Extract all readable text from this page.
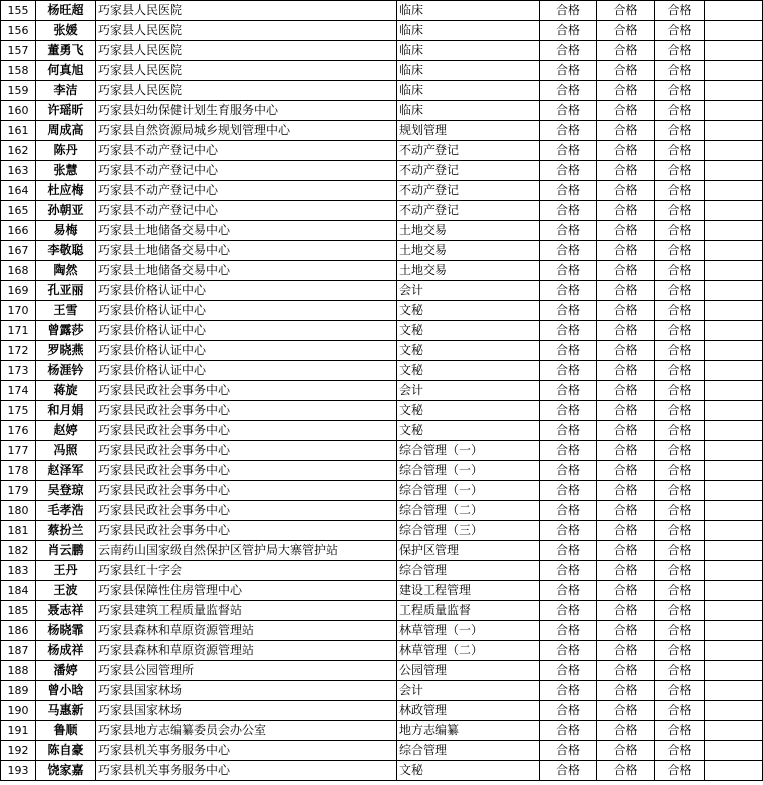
155	杨旺超	巧家县人民医院	临床	合格	合格	合格	
156	张媛	巧家县人民医院	临床	合格	合格	合格	
157	董勇飞	巧家县人民医院	临床	合格	合格	合格	
158	何真旭	巧家县人民医院	临床	合格	合格	合格	
159	李洁	巧家县人民医院	临床	合格	合格	合格	
160	许瑶昕	巧家县妇幼保健计划生育服务中心	临床	合格	合格	合格	
161	周成高	巧家县自然资源局城乡规划管理中心	规划管理	合格	合格	合格	
162	陈丹	巧家县不动产登记中心	不动产登记	合格	合格	合格	
163	张慧	巧家县不动产登记中心	不动产登记	合格	合格	合格	
164	杜应梅	巧家县不动产登记中心	不动产登记	合格	合格	合格	
165	孙朝亚	巧家县不动产登记中心	不动产登记	合格	合格	合格	
166	易梅	巧家县土地储备交易中心	土地交易	合格	合格	合格	
167	李敬聪	巧家县土地储备交易中心	土地交易	合格	合格	合格	
168	陶然	巧家县土地储备交易中心	土地交易	合格	合格	合格	
169	孔亚丽	巧家县价格认证中心	会计	合格	合格	合格	
170	王雪	巧家县价格认证中心	文秘	合格	合格	合格	
171	曾露莎	巧家县价格认证中心	文秘	合格	合格	合格	
172	罗晓燕	巧家县价格认证中心	文秘	合格	合格	合格	
173	杨涯钤	巧家县价格认证中心	文秘	合格	合格	合格	
174	蒋旋	巧家县民政社会事务中心	会计	合格	合格	合格	
175	和月娟	巧家县民政社会事务中心	文秘	合格	合格	合格	
176	赵婷	巧家县民政社会事务中心	文秘	合格	合格	合格	
177	冯照	巧家县民政社会事务中心	综合管理（一）	合格	合格	合格	
178	赵泽军	巧家县民政社会事务中心	综合管理（一）	合格	合格	合格	
179	吴登琼	巧家县民政社会事务中心	综合管理（一）	合格	合格	合格	
180	毛孝浩	巧家县民政社会事务中心	综合管理（二）	合格	合格	合格	
181	蔡扮兰	巧家县民政社会事务中心	综合管理（三）	合格	合格	合格	
182	肖云鹏	云南药山国家级自然保护区管护局大寨管护站	保护区管理	合格	合格	合格	
183	王丹	巧家县红十字会	综合管理	合格	合格	合格	
184	王波	巧家县保障性住房管理中心	建设工程管理	合格	合格	合格	
185	聂志祥	巧家县建筑工程质量监督站	工程质量监督	合格	合格	合格	
186	杨晓霏	巧家县森林和草原资源管理站	林草管理（一）	合格	合格	合格	
187	杨成祥	巧家县森林和草原资源管理站	林草管理（二）	合格	合格	合格	
188	潘婷	巧家县公园管理所	公园管理	合格	合格	合格	
189	曾小晗	巧家县国家林场	会计	合格	合格	合格	
190	马惠新	巧家县国家林场	林政管理	合格	合格	合格	
191	鲁顺	巧家县地方志编纂委员会办公室	地方志编纂	合格	合格	合格	
192	陈自豪	巧家县机关事务服务中心	综合管理	合格	合格	合格	
193	饶家嘉	巧家县机关事务服务中心	文秘	合格	合格	合格	
